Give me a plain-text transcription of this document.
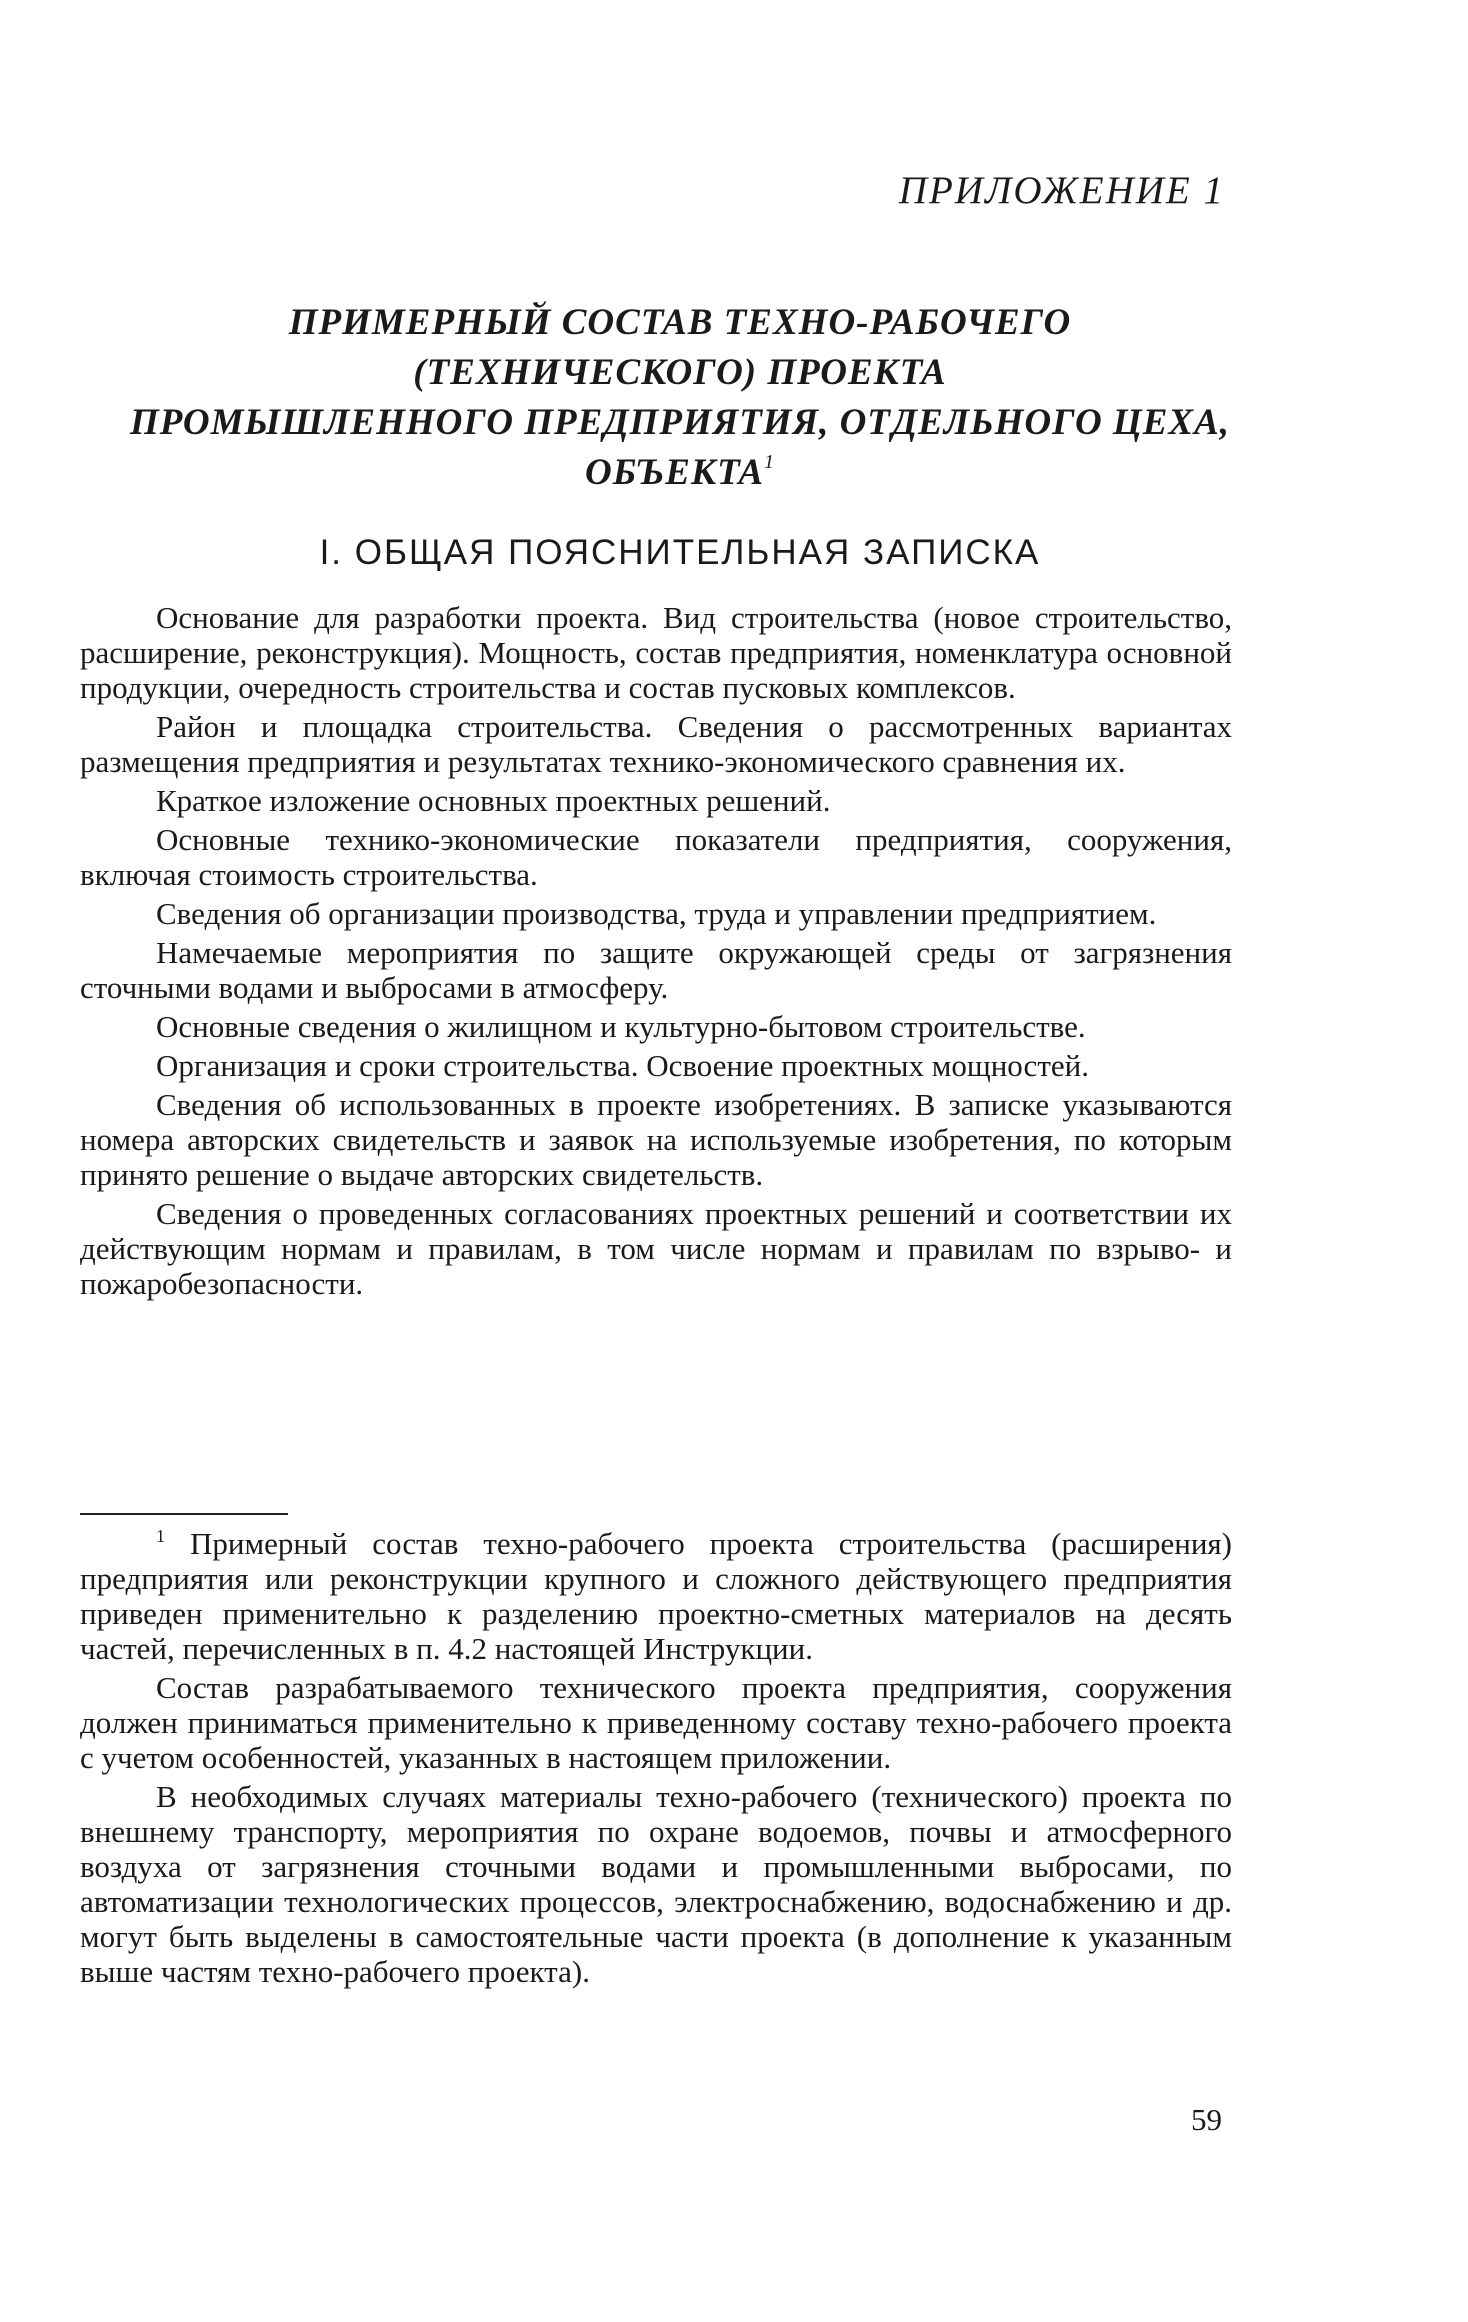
ПРИЛОЖЕНИЕ 1
ПРИМЕРНЫЙ СОСТАВ ТЕХНО-РАБОЧЕГО
(ТЕХНИЧЕСКОГО) ПРОЕКТА
ПРОМЫШЛЕННОГО ПРЕДПРИЯТИЯ, ОТДЕЛЬНОГО ЦЕХА,
ОБЪЕКТА$^1$
I. ОБЩАЯ ПОЯСНИТЕЛЬНАЯ ЗАПИСКА

Основание для разработки проекта. Вид строительства (новое строительство, расширение, реконструкция). Мощность, состав предприятия, номенклатура основной продукции, очередность строительства и состав пусковых комплексов.

Район и площадка строительства. Сведения о рассмотренных вариантах размещения предприятия и результатах технико-экономического сравнения их.

Краткое изложение основных проектных решений.

Основные технико-экономические показатели предприятия, сооружения, включая стоимость строительства.

Сведения об организации производства, труда и управлении предприятием.

Намечаемые мероприятия по защите окружающей среды от загрязнения сточными водами и выбросами в атмосферу.

Основные сведения о жилищном и культурно-бытовом строительстве.

Организация и сроки строительства. Освоение проектных мощностей.

Сведения об использованных в проекте изобретениях. В записке указываются номера авторских свидетельств и заявок на используемые изобретения, по которым принято решение о выдаче авторских свидетельств.

Сведения о проведенных согласованиях проектных решений и соответствии их действующим нормам и правилам, в том числе нормам и правилам по взрыво- и пожаробезопасности.

$^1$ Примерный состав техно-рабочего проекта строительства (расширения) предприятия или реконструкции крупного и сложного действующего предприятия приведен применительно к разделению проектно-сметных материалов на десять частей, перечисленных в п. 4.2 настоящей Инструкции.

Состав разрабатываемого технического проекта предприятия, сооружения должен приниматься применительно к приведенному составу техно-рабочего проекта с учетом особенностей, указанных в настоящем приложении.

В необходимых случаях материалы техно-рабочего (технического) проекта по внешнему транспорту, мероприятия по охране водоемов, почвы и атмосферного воздуха от загрязнения сточными водами и промышленными выбросами, по автоматизации технологических процессов, электроснабжению, водоснабжению и др. могут быть выделены в самостоятельные части проекта (в дополнение к указанным выше частям техно-рабочего проекта).

59
